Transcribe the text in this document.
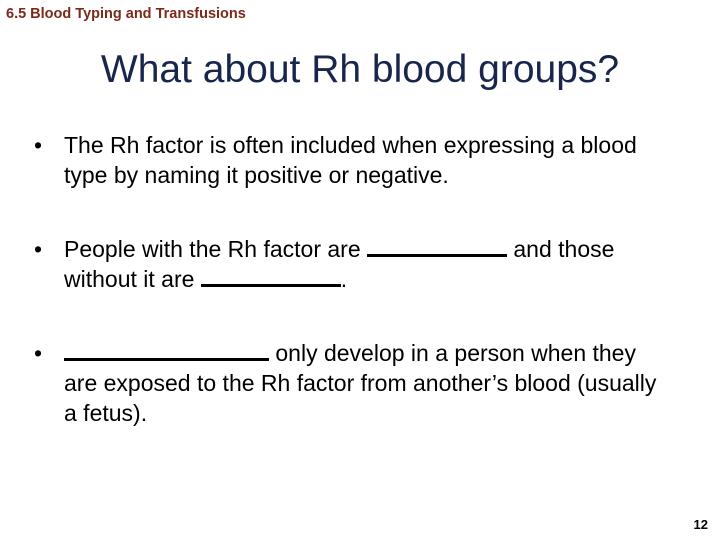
6.5 Blood Typing and Transfusions
What about Rh blood groups?
• The Rh factor is often included when expressing a blood type by naming it positive or negative.
• People with the Rh factor are	and those without it are	.
•	only develop in a person when they are exposed to the Rh factor from another’s blood (usually a fetus).
12
